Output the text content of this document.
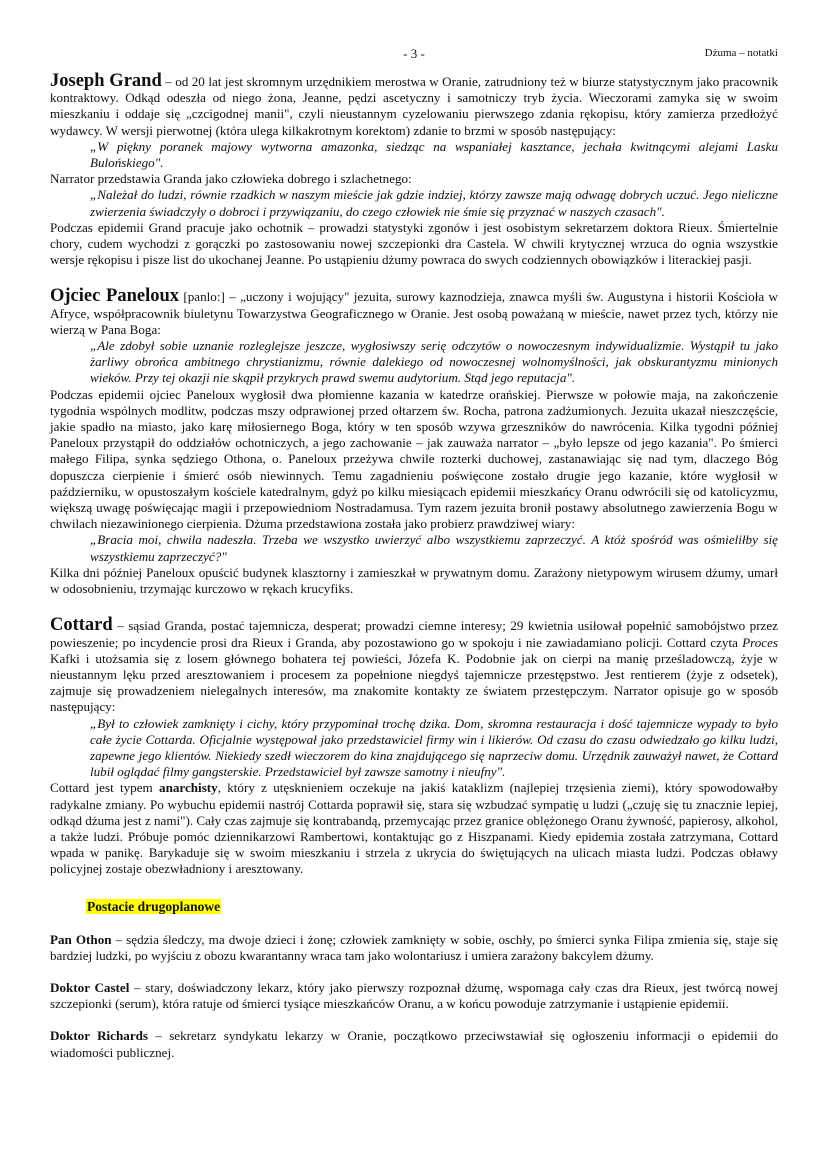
- 3 -	Dżuma – notatki

Joseph Grand – od 20 lat jest skromnym urzędnikiem merostwa w Oranie, zatrudniony też w biurze statystycznym jako pracownik kontraktowy. Odkąd odeszła od niego żona, Jeanne, pędzi ascetyczny i samotniczy tryb życia. Wieczorami zamyka się w swoim mieszkaniu i oddaje się „czcigodnej manii", czyli nieustannym cyzelowaniu pierwszego zdania rękopisu, który zamierza przedłożyć wydawcy. W wersji pierwotnej (która ulega kilkakrotnym korektom) zdanie to brzmi w sposób następujący:

„W piękny poranek majowy wytworna amazonka, siedząc na wspaniałej kasztance, jechała kwitnącymi alejami Lasku Bulońskiego".

Narrator przedstawia Granda jako człowieka dobrego i szlachetnego:

„Należał do ludzi, równie rzadkich w naszym mieście jak gdzie indziej, którzy zawsze mają odwagę dobrych uczuć. Jego nieliczne zwierzenia świadczyły o dobroci i przywiązaniu, do czego człowiek nie śmie się przyznać w naszych czasach".

Podczas epidemii Grand pracuje jako ochotnik – prowadzi statystyki zgonów i jest osobistym sekretarzem doktora Rieux. Śmiertelnie chory, cudem wychodzi z gorączki po zastosowaniu nowej szczepionki dra Castela. W chwili krytycznej wrzuca do ognia wszystkie wersje rękopisu i pisze list do ukochanej Jeanne. Po ustąpieniu dżumy powraca do swych codziennych obowiązków i literackiej pasji.

Ojciec Paneloux [panlo:] – „uczony i wojujący" jezuita, surowy kaznodzieja, znawca myśli św. Augustyna i historii Kościoła w Afryce, współpracownik biuletynu Towarzystwa Geograficznego w Oranie. Jest osobą poważaną w mieście, nawet przez tych, którzy nie wierzą w Pana Boga:

„Ale zdobył sobie uznanie rozleglejsze jeszcze, wygłosiwszy serię odczytów o nowoczesnym indywidualizmie. Wystąpił tu jako żarliwy obrońca ambitnego chrystianizmu, równie dalekiego od nowoczesnej wolnomyślności, jak obskurantyzmu minionych wieków. Przy tej okazji nie skąpił przykrych prawd swemu audytorium. Stąd jego reputacja".

Podczas epidemii ojciec Paneloux wygłosił dwa płomienne kazania w katedrze orańskiej. Pierwsze w połowie maja, na zakończenie tygodnia wspólnych modlitw, podczas mszy odprawionej przed ołtarzem św. Rocha, patrona zadżumionych. Jezuita ukazał nieszczęście, jakie spadło na miasto, jako karę miłosiernego Boga, który w ten sposób wzywa grzeszników do nawrócenia. Kilka tygodni później Paneloux przystąpił do oddziałów ochotniczych, a jego zachowanie – jak zauważa narrator – „było lepsze od jego kazania". Po śmierci małego Filipa, synka sędziego Othona, o. Paneloux przeżywa chwile rozterki duchowej, zastanawiając się nad tym, dlaczego Bóg dopuszcza cierpienie i śmierć osób niewinnych. Temu zagadnieniu poświęcone zostało drugie jego kazanie, które wygłosił w październiku, w opustoszałym kościele katedralnym, gdyż po kilku miesiącach epidemii mieszkańcy Oranu odwrócili się od katolicyzmu, większą uwagę poświęcając magii i przepowiedniom Nostradamusa. Tym razem jezuita bronił postawy absolutnego zawierzenia Bogu w chwilach niezawinionego cierpienia. Dżuma przedstawiona została jako probierz prawdziwej wiary:

„Bracia moi, chwila nadeszła. Trzeba we wszystko uwierzyć albo wszystkiemu zaprzeczyć. A któż spośród was ośmieliłby się wszystkiemu zaprzeczyć?"

Kilka dni później Paneloux opuścić budynek klasztorny i zamieszkał w prywatnym domu. Zarażony nietypowym wirusem dżumy, umarł w odosobnieniu, trzymając kurczowo w rękach krucyfiks.

Cottard – sąsiad Granda, postać tajemnicza, desperat; prowadzi ciemne interesy; 29 kwietnia usiłował popełnić samobójstwo przez powieszenie; po incydencie prosi dra Rieux i Granda, aby pozostawiono go w spokoju i nie zawiadamiano policji. Cottard czyta Proces Kafki i utożsamia się z losem głównego bohatera tej powieści, Józefa K. Podobnie jak on cierpi na manię prześladowczą, żyje w nieustannym lęku przed aresztowaniem i procesem za popełnione niegdyś tajemnicze przestępstwo. Jest rentierem (żyje z odsetek), zajmuje się prowadzeniem nielegalnych interesów, ma znakomite kontakty ze światem przestępczym. Narrator opisuje go w sposób następujący:

„Był to człowiek zamknięty i cichy, który przypominał trochę dzika. Dom, skromna restauracja i dość tajemnicze wypady to było całe życie Cottarda. Oficjalnie występował jako przedstawiciel firmy win i likierów. Od czasu do czasu odwiedzało go kilku ludzi, zapewne jego klientów. Niekiedy szedł wieczorem do kina znajdującego się naprzeciw domu. Urzędnik zauważył nawet, że Cottard lubił oglądać filmy gangsterskie. Przedstawiciel był zawsze samotny i nieufny".

Cottard jest typem anarchisty, który z utęsknieniem oczekuje na jakiś kataklizm (najlepiej trzęsienia ziemi), który spowodowałby radykalne zmiany. Po wybuchu epidemii nastrój Cottarda poprawił się, stara się wzbudzać sympatię u ludzi („czuję się tu znacznie lepiej, odkąd dżuma jest z nami"). Cały czas zajmuje się kontrabandą, przemycając przez granice oblężonego Oranu żywność, papierosy, alkohol, a także ludzi. Próbuje pomóc dziennikarzowi Rambertowi, kontaktując go z Hiszpanami. Kiedy epidemia została zatrzymana, Cottard wpada w panikę. Barykaduje się w swoim mieszkaniu i strzela z ukrycia do świętujących na ulicach miasta ludzi. Podczas obławy policyjnej zostaje obezwładniony i aresztowany.

Postacie drugoplanowe

Pan Othon – sędzia śledczy, ma dwoje dzieci i żonę; człowiek zamknięty w sobie, oschły, po śmierci synka Filipa zmienia się, staje się bardziej ludzki, po wyjściu z obozu kwarantanny wraca tam jako wolontariusz i umiera zarażony bakcylem dżumy.

Doktor Castel – stary, doświadczony lekarz, który jako pierwszy rozpoznał dżumę, wspomaga cały czas dra Rieux, jest twórcą nowej szczepionki (serum), która ratuje od śmierci tysiące mieszkańców Oranu, a w końcu powoduje zatrzymanie i ustąpienie epidemii.

Doktor Richards – sekretarz syndykatu lekarzy w Oranie, początkowo przeciwstawiał się ogłoszeniu informacji o epidemii do wiadomości publicznej.
